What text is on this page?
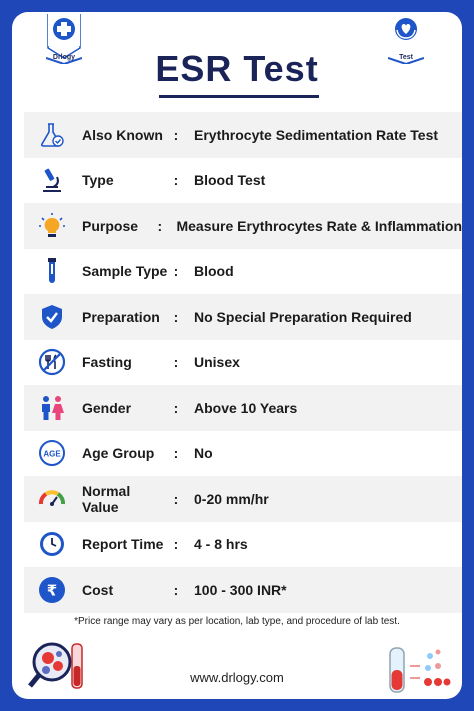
Drlogy	Test
ESR Test
Also Known :	Erythrocyte Sedimentation Rate Test
Type	:	Blood Test
Purpose	:	Measure Erythrocytes Rate & Inflammation
Sample Type :	Blood
Preparation :	No Special Preparation Required
Fasting	:	Unisex
Gender	:	Above 10 Years
AGE Age Group	:	No
Normal Value	:	0-20 mm/hr
Report Time :	4 - 8 hrs
₹ Cost	:	100 - 300 INR*
*Price range may vary as per location, lab type, and procedure of lab test.
www.drlogy.com
